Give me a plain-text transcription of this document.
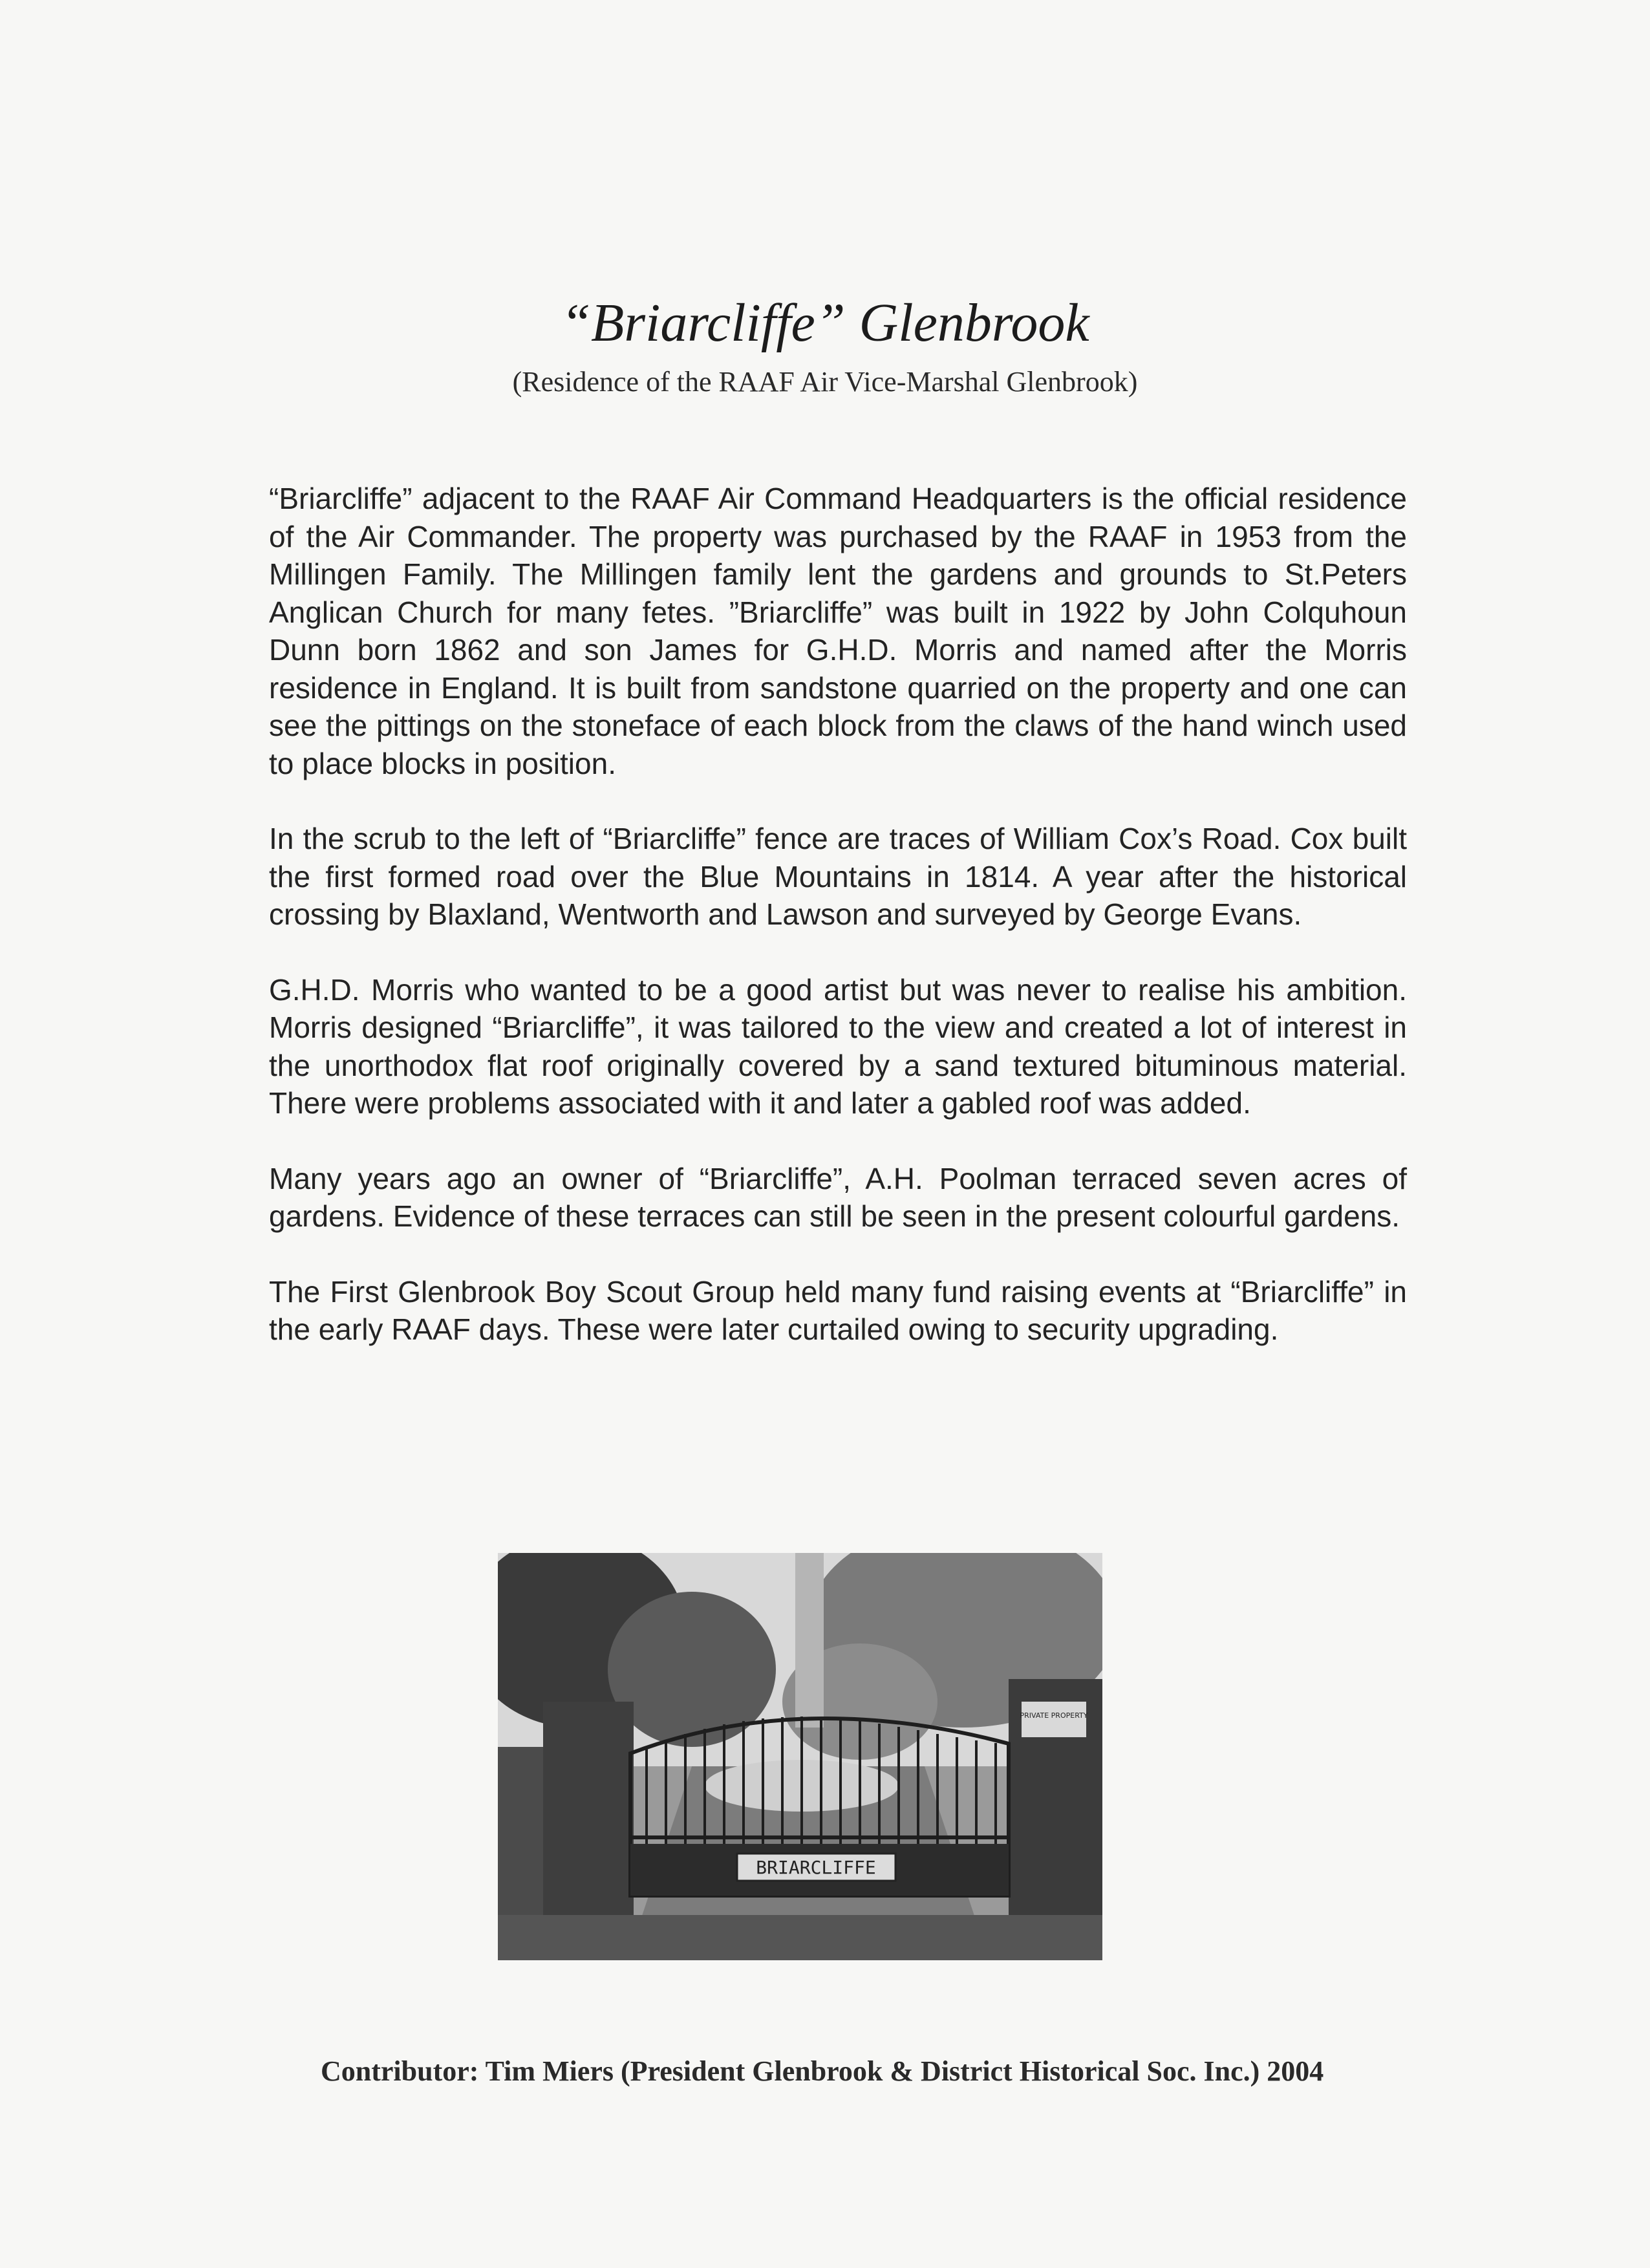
“Briarcliffe” Glenbrook
(Residence of the RAAF Air Vice-Marshal Glenbrook)

“Briarcliffe” adjacent to the RAAF Air Command Headquarters is the official residence of the Air Commander. The property was purchased by the RAAF in 1953 from the Millingen Family. The Millingen family lent the gardens and grounds to St.Peters Anglican Church for many fetes. ”Briarcliffe” was built in 1922 by John Colquhoun Dunn born 1862 and son James for G.H.D. Morris and named after the Morris residence in England. It is built from sandstone quarried on the property and one can see the pittings on the stoneface of each block from the claws of the hand winch used to place blocks in position.

In the scrub to the left of “Briarcliffe” fence are traces of William Cox’s Road. Cox built the first formed road over the Blue Mountains in 1814. A year after the historical crossing by Blaxland, Wentworth and Lawson and surveyed by George Evans.

G.H.D. Morris who wanted to be a good artist but was never to realise his ambition. Morris designed “Briarcliffe”, it was tailored to the view and created a lot of interest in the unorthodox flat roof originally covered by a sand textured bituminous material. There were problems associated with it and later a gabled roof was added.

Many years ago an owner of “Briarcliffe”, A.H. Poolman terraced seven acres of gardens. Evidence of these terraces can still be seen in the present colourful gardens.

The First Glenbrook Boy Scout Group held many fund raising events at “Briarcliffe” in the early RAAF days. These were later curtailed owing to security upgrading.

BRIARCLIFFE
PRIVATE PROPERTY
Contributor: Tim Miers (President Glenbrook & District Historical Soc. Inc.) 2004
